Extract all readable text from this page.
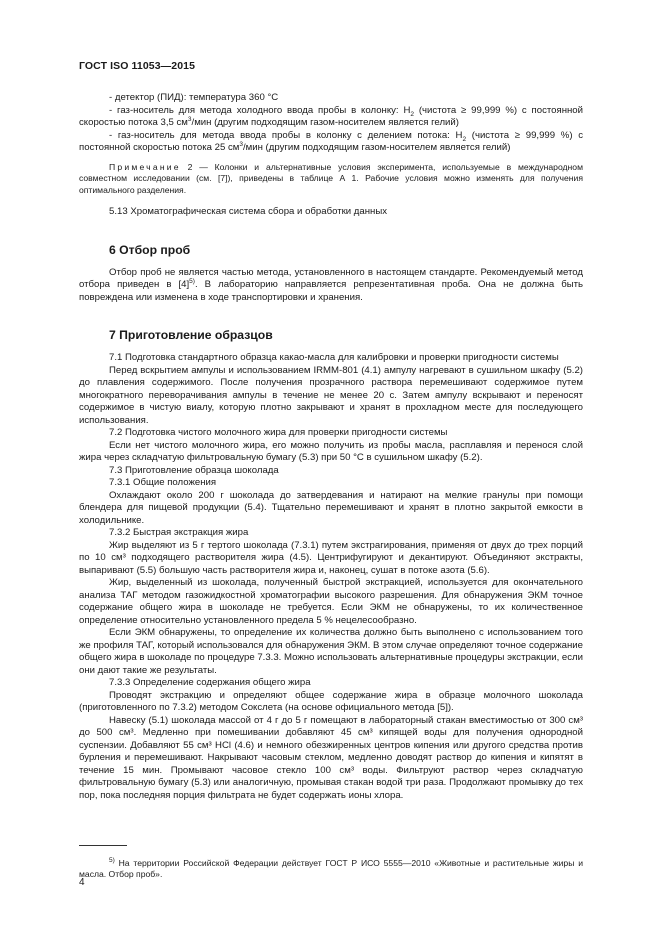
ГОСТ ISO 11053—2015

- детектор (ПИД): температура 360 °С

- газ-носитель для метода холодного ввода пробы в колонку: $H_2$ (чистота ≥ 99,999 %) с постоянной скоростью потока 3,5 $см^3$/мин (другим подходящим газом-носителем является гелий)

- газ-носитель для метода ввода пробы в колонку с делением потока: $H_2$ (чистота ≥ 99,999 %) с постоянной скоростью потока 25 $см^3$/мин (другим подходящим газом-носителем является гелий)

Примечание 2 — Колонки и альтернативные условия эксперимента, используемые в международном совместном исследовании (см. [7]), приведены в таблице А 1. Рабочие условия можно изменять для получения оптимального разделения.

5.13 Хроматографическая система сбора и обработки данных

6 Отбор проб

Отбор проб не является частью метода, установленного в настоящем стандарте. Рекомендуемый метод отбора приведен в $[4]^{5)}$. В лабораторию направляется репрезентативная проба. Она не должна быть повреждена или изменена в ходе транспортировки и хранения.

7 Приготовление образцов

7.1 Подготовка стандартного образца какао-масла для калибровки и проверки пригодности системы

Перед вскрытием ампулы и использованием IRMM-801 (4.1) ампулу нагревают в сушильном шкафу (5.2) до плавления содержимого. После получения прозрачного раствора перемешивают содержимое путем многократного переворачивания ампулы в течение не менее 20 с. Затем ампулу вскрывают и переносят содержимое в чистую виалу, которую плотно закрывают и хранят в прохладном месте для последующего использования.

7.2 Подготовка чистого молочного жира для проверки пригодности системы

Если нет чистого молочного жира, его можно получить из пробы масла, расплавляя и перенося слой жира через складчатую фильтровальную бумагу (5.3) при 50 °С в сушильном шкафу (5.2).

7.3 Приготовление образца шоколада

7.3.1 Общие положения

Охлаждают около 200 г шоколада до затвердевания и натирают на мелкие гранулы при помощи блендера для пищевой продукции (5.4). Тщательно перемешивают и хранят в плотно закрытой емкости в холодильнике.

7.3.2 Быстрая экстракция жира

Жир выделяют из 5 г тертого шоколада (7.3.1) путем экстрагирования, применяя от двух до трех порций по 10 см³ подходящего растворителя жира (4.5). Центрифугируют и декантируют. Объединяют экстракты, выпаривают (5.5) большую часть растворителя жира и, наконец, сушат в потоке азота (5.6).

Жир, выделенный из шоколада, полученный быстрой экстракцией, используется для окончательного анализа ТАГ методом газожидкостной хроматографии высокого разрешения. Для обнаружения ЭКМ точное содержание общего жира в шоколаде не требуется. Если ЭКМ не обнаружены, то их количественное определение относительно установленного предела 5 % нецелесообразно.

Если ЭКМ обнаружены, то определение их количества должно быть выполнено с использованием того же профиля ТАГ, который использовался для обнаружения ЭКМ. В этом случае определяют точное содержание общего жира в шоколаде по процедуре 7.3.3. Можно использовать альтернативные процедуры экстракции, если они дают такие же результаты.

7.3.3 Определение содержания общего жира

Проводят экстракцию и определяют общее содержание жира в образце молочного шоколада (приготовленного по 7.3.2) методом Сокслета (на основе официального метода [5]).

Навеску (5.1) шоколада массой от 4 г до 5 г помещают в лабораторный стакан вместимостью от 300 см³ до 500 см³. Медленно при помешивании добавляют 45 см³ кипящей воды для получения однородной суспензии. Добавляют 55 см³ HCl (4.6) и немного обезжиренных центров кипения или другого средства против бурления и перемешивают. Накрывают часовым стеклом, медленно доводят раствор до кипения и кипятят в течение 15 мин. Промывают часовое стекло 100 см³ воды. Фильтруют раствор через складчатую фильтровальную бумагу (5.3) или аналогичную, промывая стакан водой три раза. Продолжают промывку до тех пор, пока последняя порция фильтрата не будет содержать ионы хлора.

$^{5)}$ На территории Российской Федерации действует ГОСТ Р ИСО 5555—2010 «Животные и растительные жиры и масла. Отбор проб».

4
